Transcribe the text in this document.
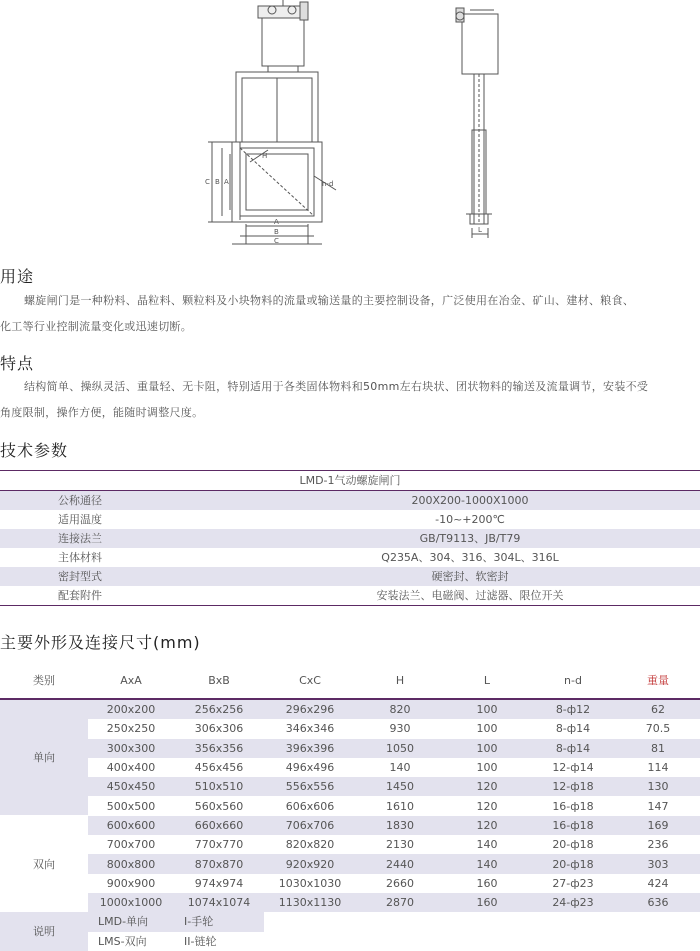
C B A
A
B
C
H
n-d
L
用途

螺旋闸门是一种粉料、晶粒料、颗粒料及小块物料的流量或输送量的主要控制设备，广泛使用在冶金、矿山、建材、粮食、

化工等行业控制流量变化或迅速切断。

特点

结构简单、操纵灵活、重量轻、无卡阻，特别适用于各类固体物料和50mm左右块状、团状物料的输送及流量调节，安装不受

角度限制，操作方便，能随时调整尺度。

技术参数
LMD-1气动螺旋闸门
公称通径	200X200-1000X1000
适用温度	-10~+200℃
连接法兰	GB/T9113、JB/T79
主体材料	Q235A、304、316、304L、316L
密封型式	硬密封、软密封
配套附件	安装法兰、电磁阀、过滤器、限位开关
主要外形及连接尺寸(mm)
类别	AxA	BxB	CxC	H	L	n-d	重量
单向	200x200	256x256	296x296	820	100	8-ф12	62
	250x250	306x306	346x346	930	100	8-ф14	70.5
	300x300	356x356	396x396	1050	100	8-ф14	81
	400x400	456x456	496x496	140	100	12-ф14	114
	450x450	510x510	556x556	1450	120	12-ф18	130
	500x500	560x560	606x606	1610	120	16-ф18	147
双向	600x600	660x660	706x706	1830	120	16-ф18	169
	700x700	770x770	820x820	2130	140	20-ф18	236
	800x800	870x870	920x920	2440	140	20-ф18	303
	900x900	974x974	1030x1030	2660	160	27-ф23	424
	1000x1000	1074x1074	1130x1130	2870	160	24-ф23	636
说明	LMD-单向	I-手轮					
	LMS-双向	II-链轮					
